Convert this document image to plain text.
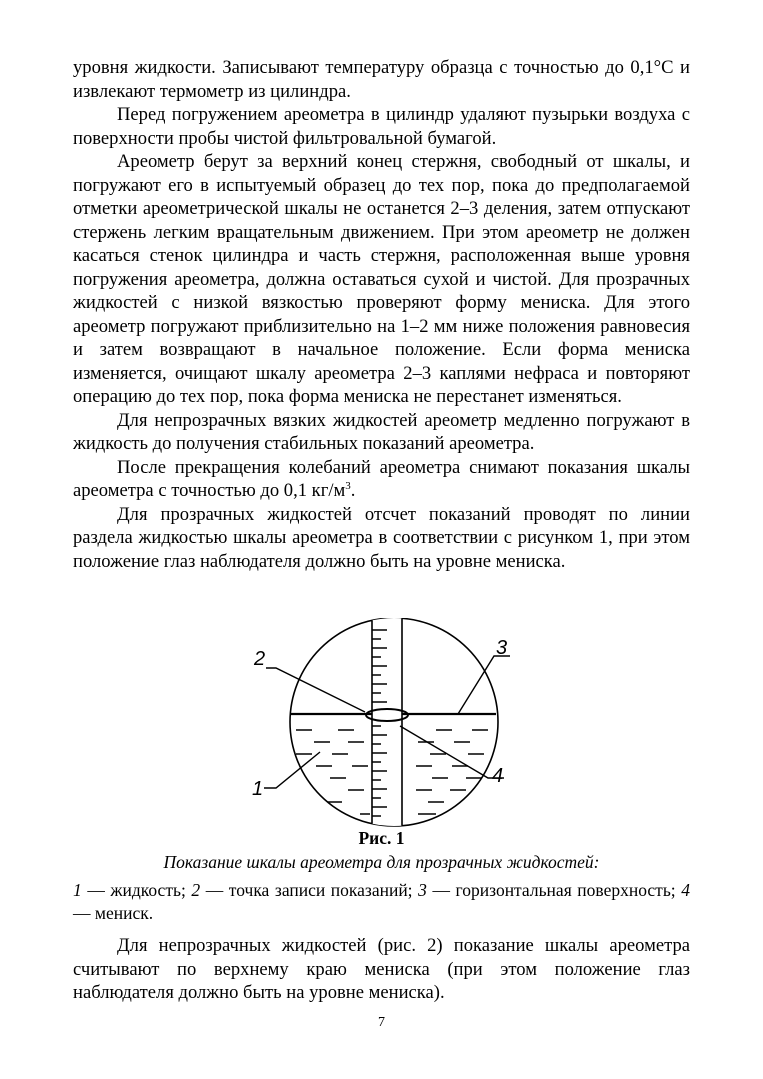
уровня жидкости. Записывают температуру образца с точностью до 0,1°С и извлекают термометр из цилиндра.

Перед погружением ареометра в цилиндр удаляют пузырьки воздуха с поверхности пробы чистой фильтровальной бумагой.

Ареометр берут за верхний конец стержня, свободный от шкалы, и погружают его в испытуемый образец до тех пор, пока до предполагаемой отметки ареометрической шкалы не останется 2–3 деления, затем отпускают стержень легким вращательным движением. При этом ареометр не должен касаться стенок цилиндра и часть стержня, расположенная выше уровня погружения ареометра, должна оставаться сухой и чистой. Для прозрачных жидкостей с низкой вязкостью проверяют форму мениска. Для этого ареометр погружают приблизительно на 1–2 мм ниже положения равновесия и затем возвращают в начальное положение. Если форма мениска изменяется, очищают шкалу ареометра 2–3 каплями нефраса и повторяют операцию до тех пор, пока форма мениска не перестанет изменяться.

Для непрозрачных вязких жидкостей ареометр медленно погружают в жидкость до получения стабильных показаний ареометра.

После прекращения колебаний ареометра снимают показания шкалы ареометра с точностью до 0,1 $кг/м^3$.

Для прозрачных жидкостей отсчет показаний проводят по линии раздела жидкостью шкалы ареометра в соответствии с рисунком 1, при этом положение глаз наблюдателя должно быть на уровне мениска.

1
2	3
4
Рис. 1
Показание шкалы ареометра для прозрачных жидкостей:
1 — жидкость; 2 — точка записи показаний; 3 — горизонтальная поверхность; 4 — мениск.

Для непрозрачных жидкостей (рис. 2) показание шкалы ареометра считывают по верхнему краю мениска (при этом положение глаз наблюдателя должно быть на уровне мениска).

7
